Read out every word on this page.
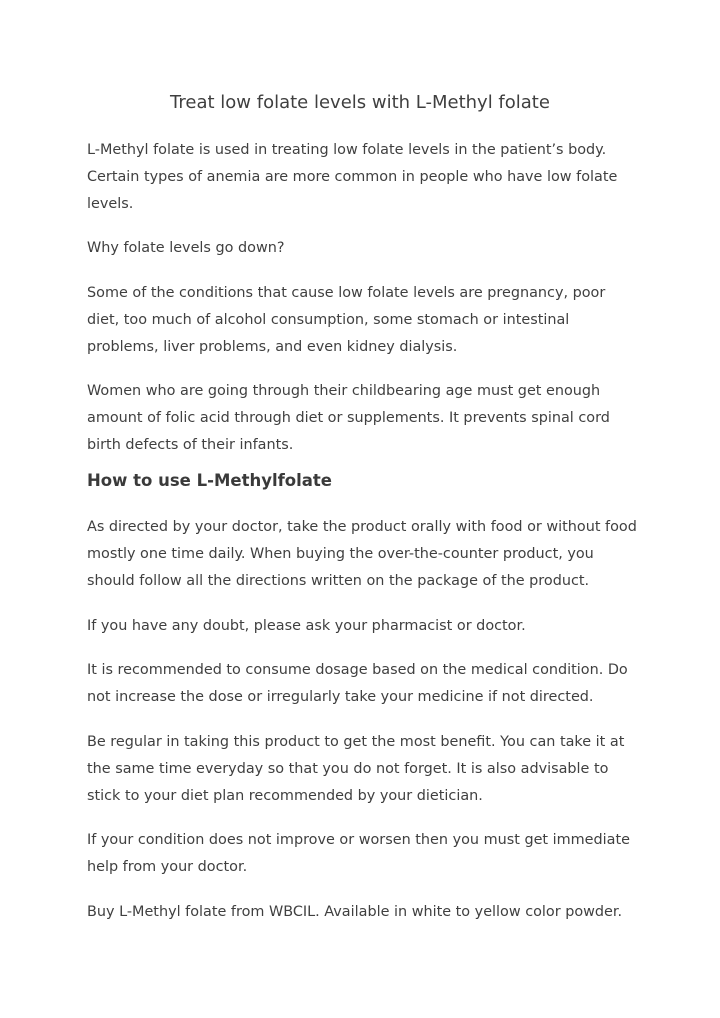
Treat low folate levels with L-Methyl folate

L-Methyl folate is used in treating low folate levels in the patient’s body.
Certain types of anemia are more common in people who have low folate
levels.

Why folate levels go down?

Some of the conditions that cause low folate levels are pregnancy, poor
diet, too much of alcohol consumption, some stomach or intestinal
problems, liver problems, and even kidney dialysis.

Women who are going through their childbearing age must get enough
amount of folic acid through diet or supplements. It prevents spinal cord
birth defects of their infants.

How to use L-Methylfolate

As directed by your doctor, take the product orally with food or without food
mostly one time daily. When buying the over-the-counter product, you
should follow all the directions written on the package of the product.

If you have any doubt, please ask your pharmacist or doctor.

It is recommended to consume dosage based on the medical condition. Do
not increase the dose or irregularly take your medicine if not directed.

Be regular in taking this product to get the most benefit. You can take it at
the same time everyday so that you do not forget. It is also advisable to
stick to your diet plan recommended by your dietician.

If your condition does not improve or worsen then you must get immediate
help from your doctor.

Buy L-Methyl folate from WBCIL. Available in white to yellow color powder.
